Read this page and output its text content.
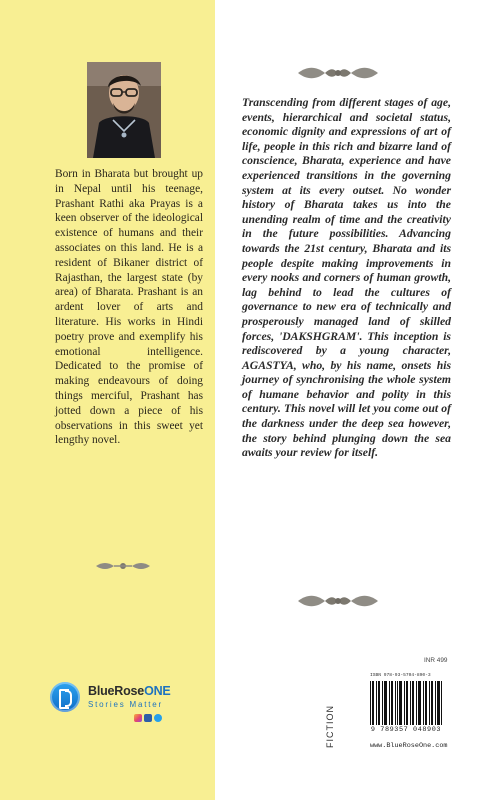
Born in Bharata but brought up in Nepal until his teenage, Prashant Rathi aka Prayas is a keen observer of the ideological existence of humans and their associates on this land. He is a resident of Bikaner district of Rajasthan, the largest state (by area) of Bharata. Prashant is an ardent lover of arts and literature. His works in Hindi poetry prove and exemplify his emotional intelligence. Dedicated to the promise of making endeavours of doing things merciful, Prashant has jotted down a piece of his observations in this sweet yet lengthy novel.
BlueRoseONE
Stories Matter
Transcending from different stages of age, events, hierarchical and societal status, economic dignity and expressions of art of life, people in this rich and bizarre land of conscience, Bharata, experience and have experienced transitions in the governing system at its every outset. No wonder history of Bharata takes us into the unending realm of time and the creativity in the future possibilities. Advancing towards the 21st century, Bharata and its people despite making improvements in every nooks and corners of human growth, lag behind to lead the cultures of governance to new era of technically and prosperously managed land of skilled forces, 'DAKSHGRAM'. This inception is rediscovered by a young character, AGASTYA, who, by his name, onsets his journey of synchronising the whole system of humane behavior and polity in this century. This novel will let you come out of the darkness under the deep sea however, the story behind plunging down the sea awaits your review for itself.
INR 499
FICTION
ISBN 978-93-5704-890-3
9 789357 048903
www.BlueRoseOne.com
